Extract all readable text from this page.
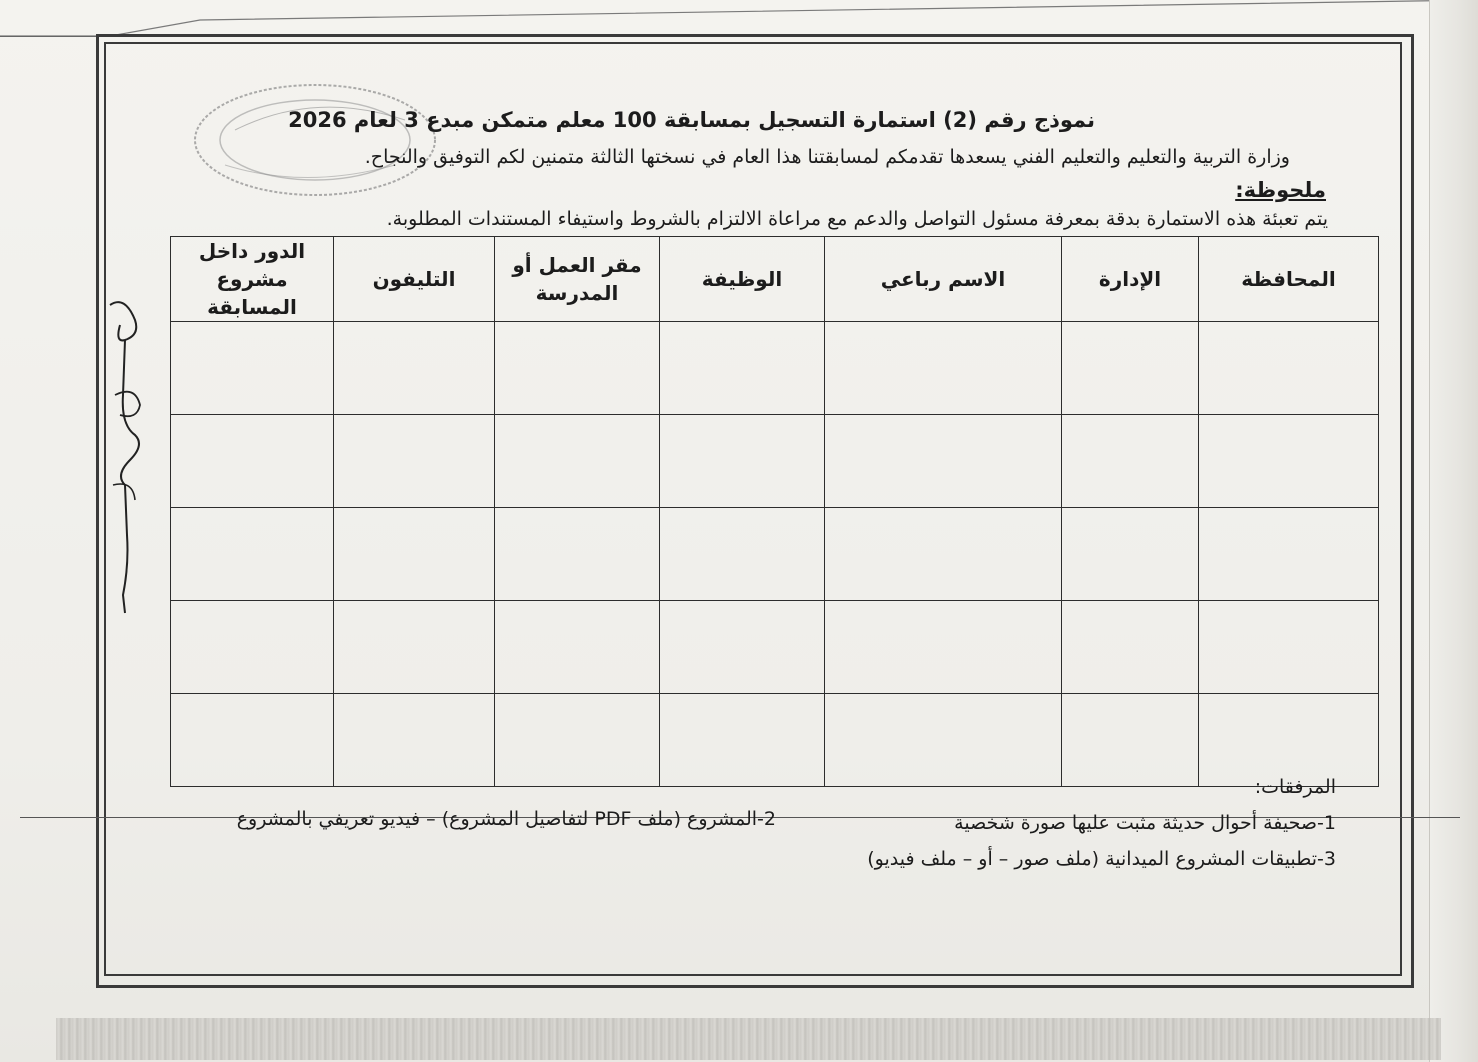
نموذج رقم (2) استمارة التسجيل بمسابقة 100 معلم متمكن مبدع 3 لعام 2026
وزارة التربية والتعليم والتعليم الفني يسعدها تقدمكم لمسابقتنا هذا العام في نسختها الثالثة متمنين لكم التوفيق والنجاح.
ملحوظة:
يتم تعبئة هذه الاستمارة بدقة بمعرفة مسئول التواصل والدعم مع مراعاة الالتزام بالشروط واستيفاء المستندات المطلوبة.
المحافظة	الإدارة	الاسم رباعي	الوظيفة	مقر العمل أو المدرسة	التليفون	الدور داخل مشروع المسابقة

المرفقات:
1-صحيفة أحوال حديثة مثبت عليها صورة شخصية
2-المشروع (ملف PDF لتفاصيل المشروع) – فيديو تعريفي بالمشروع
3-تطبيقات المشروع الميدانية (ملف صور – أو – ملف فيديو)
